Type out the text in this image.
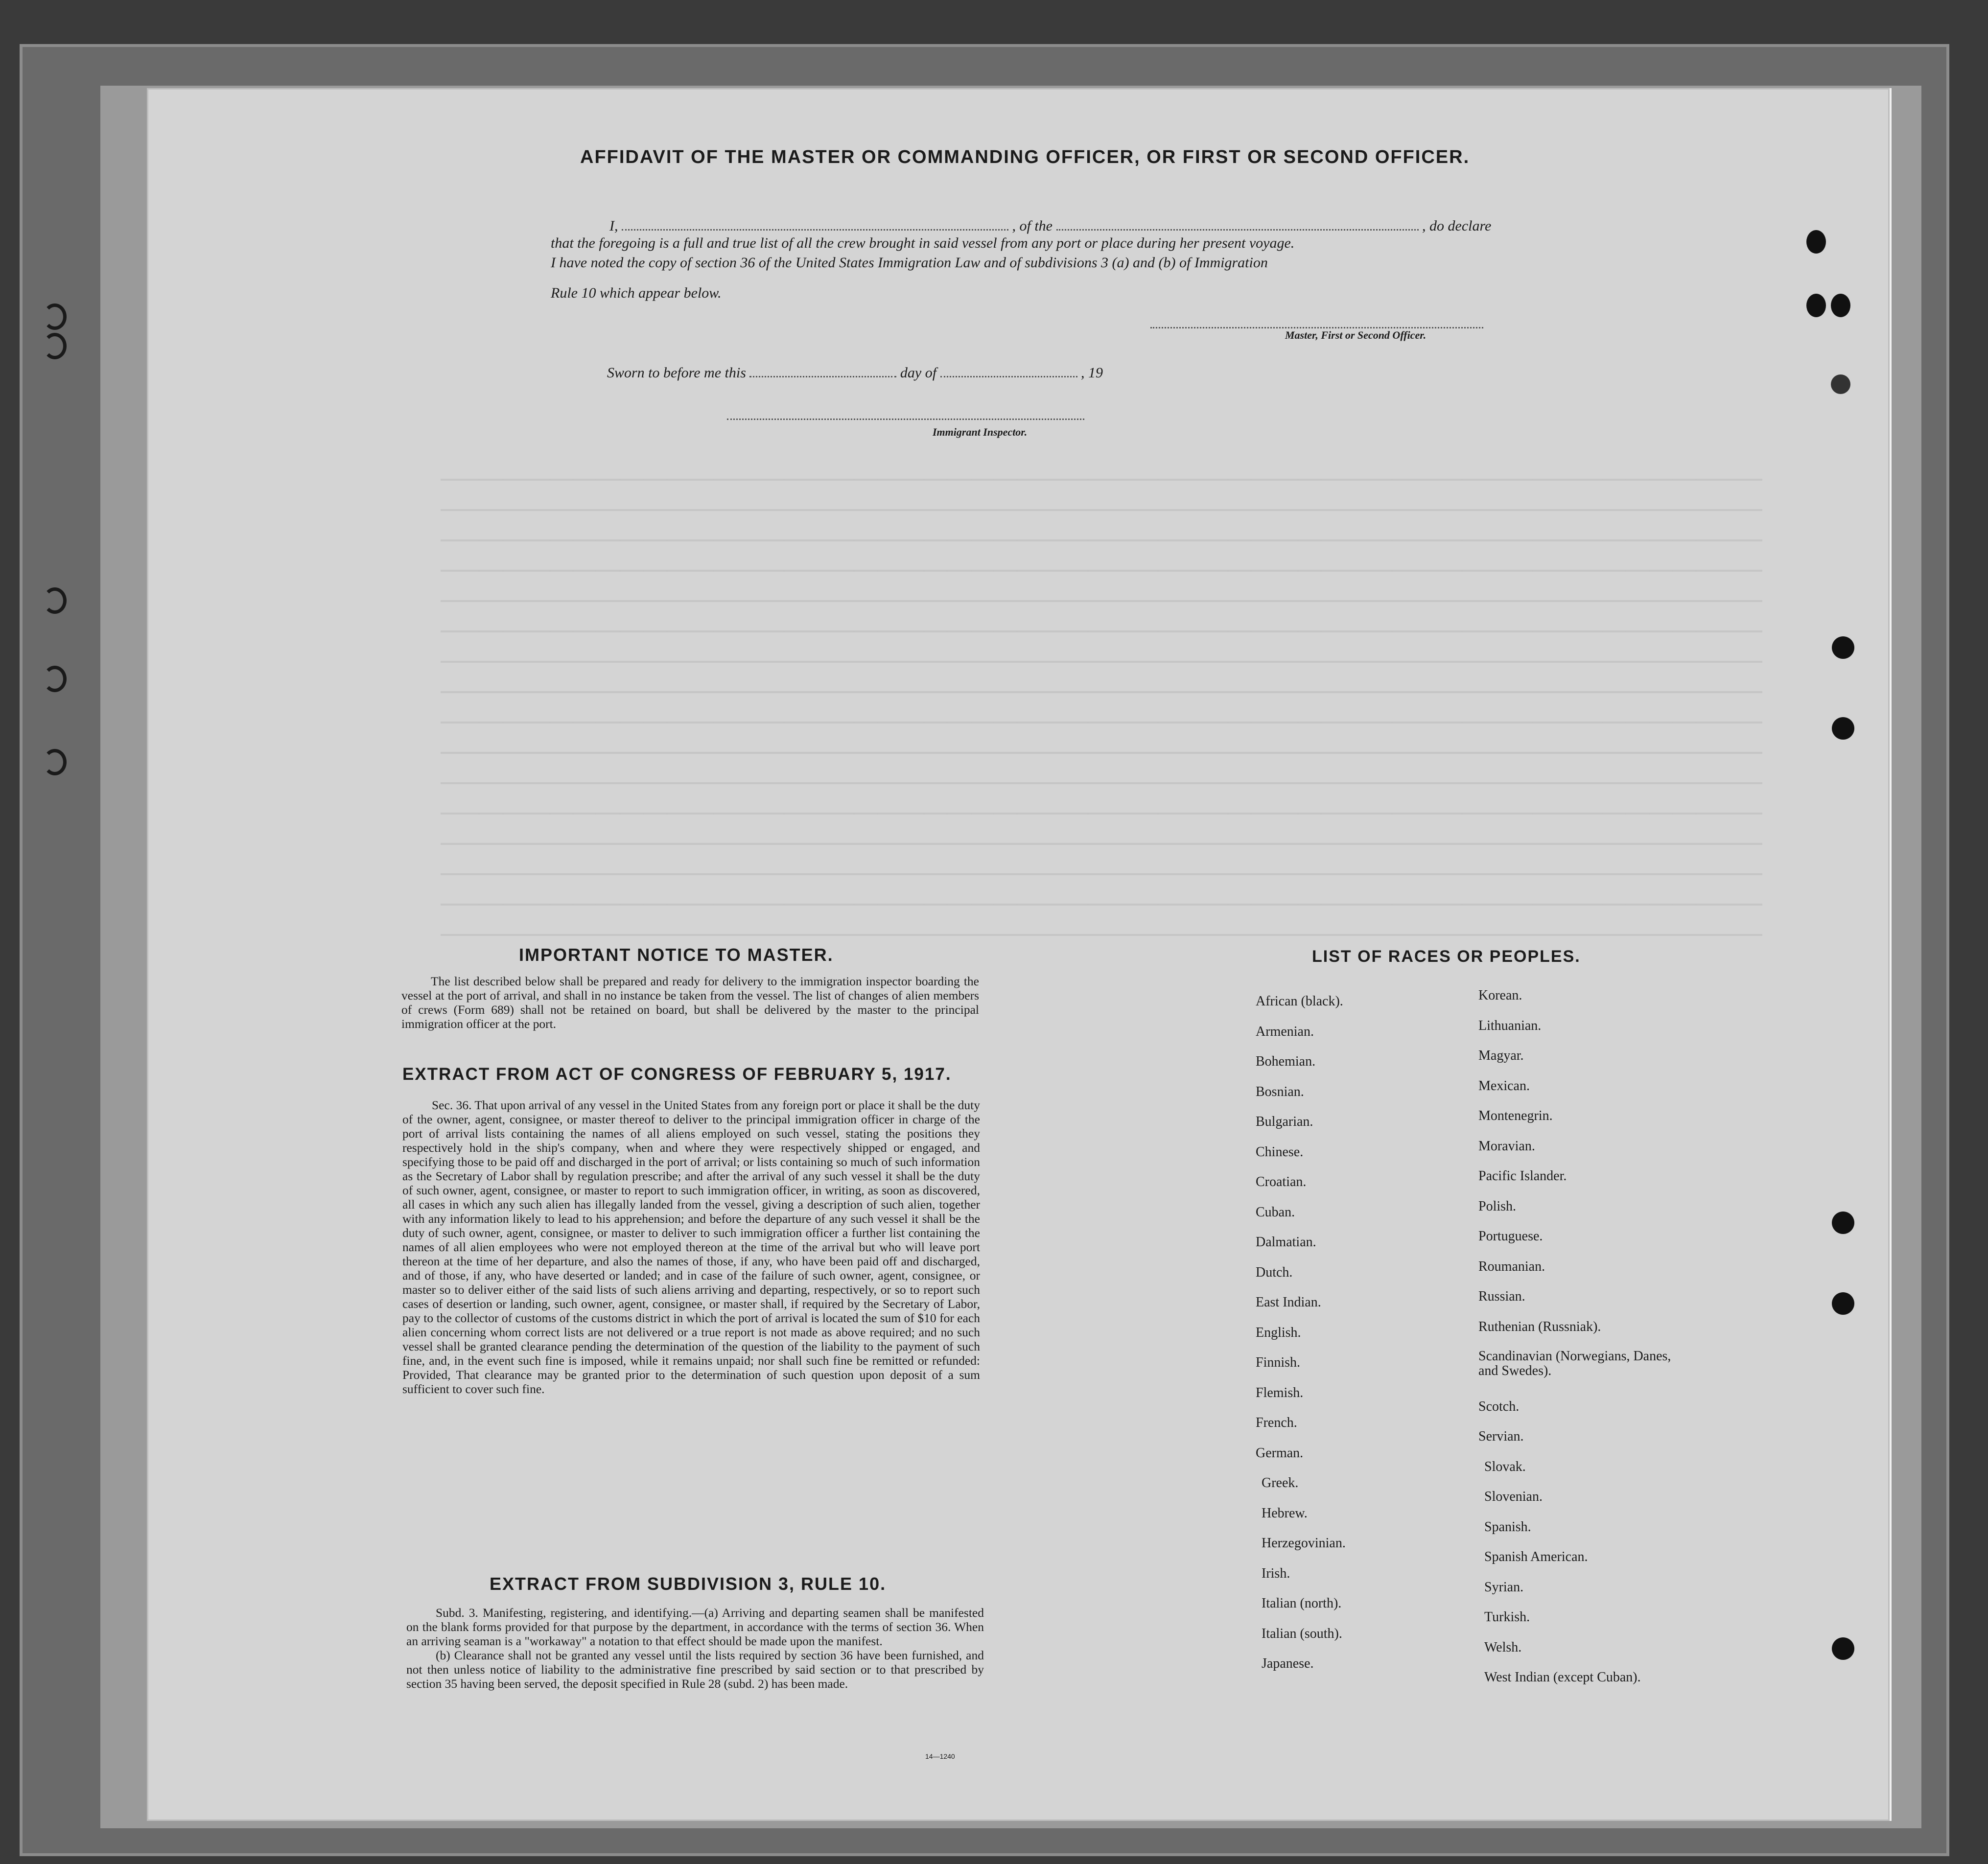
AFFIDAVIT OF THE MASTER OR COMMANDING OFFICER, OR FIRST OR SECOND OFFICER.
I,	, of the	, do declare
that the foregoing is a full and true list of all the crew brought in said vessel from any port or place during her present voyage.
I have noted the copy of section 36 of the United States Immigration Law and of subdivisions 3 (a) and (b) of Immigration
Rule 10 which appear below.
Master, First or Second Officer.
Sworn to before me this	day of	, 19
Immigrant Inspector.
IMPORTANT NOTICE TO MASTER.

The list described below shall be prepared and ready for delivery to the immigration inspector boarding the vessel at the port of arrival, and shall in no instance be taken from the vessel. The list of changes of alien members of crews (Form 689) shall not be retained on board, but shall be delivered by the master to the principal immigration officer at the port.

EXTRACT FROM ACT OF CONGRESS OF FEBRUARY 5, 1917.

Sec. 36. That upon arrival of any vessel in the United States from any foreign port or place it shall be the duty of the owner, agent, consignee, or master thereof to deliver to the principal immigration officer in charge of the port of arrival lists containing the names of all aliens employed on such vessel, stating the positions they respectively hold in the ship's company, when and where they were respectively shipped or engaged, and specifying those to be paid off and discharged in the port of arrival; or lists containing so much of such information as the Secretary of Labor shall by regulation prescribe; and after the arrival of any such vessel it shall be the duty of such owner, agent, consignee, or master to report to such immigration officer, in writing, as soon as discovered, all cases in which any such alien has illegally landed from the vessel, giving a description of such alien, together with any information likely to lead to his apprehension; and before the departure of any such vessel it shall be the duty of such owner, agent, consignee, or master to deliver to such immigration officer a further list containing the names of all alien employees who were not employed thereon at the time of the arrival but who will leave port thereon at the time of her departure, and also the names of those, if any, who have been paid off and discharged, and of those, if any, who have deserted or landed; and in case of the failure of such owner, agent, consignee, or master so to deliver either of the said lists of such aliens arriving and departing, respectively, or so to report such cases of desertion or landing, such owner, agent, consignee, or master shall, if required by the Secretary of Labor, pay to the collector of customs of the customs district in which the port of arrival is located the sum of $10 for each alien concerning whom correct lists are not delivered or a true report is not made as above required; and no such vessel shall be granted clearance pending the determination of the question of the liability to the payment of such fine, and, in the event such fine is imposed, while it remains unpaid; nor shall such fine be remitted or refunded: Provided, That clearance may be granted prior to the determination of such question upon deposit of a sum sufficient to cover such fine.

EXTRACT FROM SUBDIVISION 3, RULE 10.

Subd. 3. Manifesting, registering, and identifying.—(a) Arriving and departing seamen shall be manifested on the blank forms provided for that purpose by the department, in accordance with the terms of section 36. When an arriving seaman is a "workaway" a notation to that effect should be made upon the manifest.

(b) Clearance shall not be granted any vessel until the lists required by section 36 have been furnished, and not then unless notice of liability to the administrative fine prescribed by said section or to that prescribed by section 35 having been served, the deposit specified in Rule 28 (subd. 2) has been made.

14—1240
LIST OF RACES OR PEOPLES.
African (black).
Armenian.
Bohemian.
Bosnian.
Bulgarian.
Chinese.
Croatian.
Cuban.
Dalmatian.
Dutch.
East Indian.
English.
Finnish.
Flemish.
French.
German.
Greek.
Hebrew.
Herzegovinian.
Irish.
Italian (north).
Italian (south).
Japanese.
Korean.
Lithuanian.
Magyar.
Mexican.
Montenegrin.
Moravian.
Pacific Islander.
Polish.
Portuguese.
Roumanian.
Russian.
Ruthenian (Russniak).
Scandinavian (Norwegians, Danes, and Swedes).
Scotch.
Servian.
Slovak.
Slovenian.
Spanish.
Spanish American.
Syrian.
Turkish.
Welsh.
West Indian (except Cuban).
